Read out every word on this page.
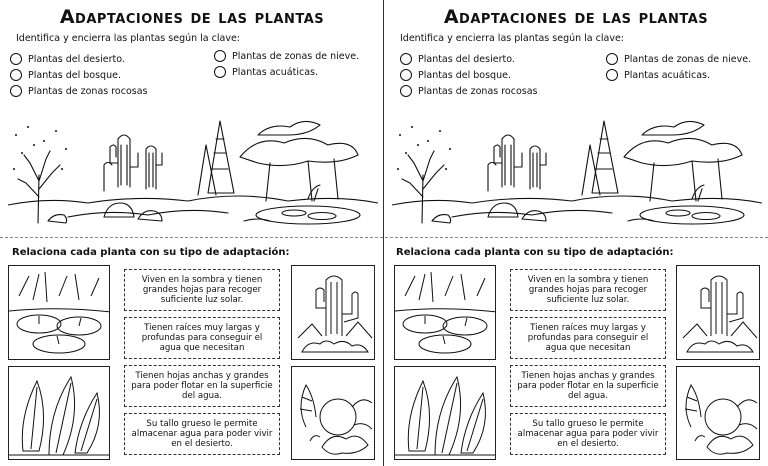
Adaptaciones de las plantas
Identifica y encierra las plantas según la clave:
Plantas del desierto.
Plantas del bosque.
Plantas de zonas rocosas
Plantas de zonas de nieve.
Plantas acuáticas.
Relaciona cada planta con su tipo de adaptación:
Viven en la sombra y tienen grandes hojas para recoger suficiente luz solar.
Tienen raíces muy largas y profundas para conseguir el agua que necesitan
Tienen hojas anchas y grandes para poder flotar en la superficie del agua.
Su tallo grueso le permite almacenar agua para poder vivir en el desierto.
Adaptaciones de las plantas
Identifica y encierra las plantas según la clave:
Plantas del desierto.
Plantas del bosque.
Plantas de zonas rocosas
Plantas de zonas de nieve.
Plantas acuáticas.
Relaciona cada planta con su tipo de adaptación:
Viven en la sombra y tienen grandes hojas para recoger suficiente luz solar.
Tienen raíces muy largas y profundas para conseguir el agua que necesitan
Tienen hojas anchas y grandes para poder flotar en la superficie del agua.
Su tallo grueso le permite almacenar agua para poder vivir en el desierto.
